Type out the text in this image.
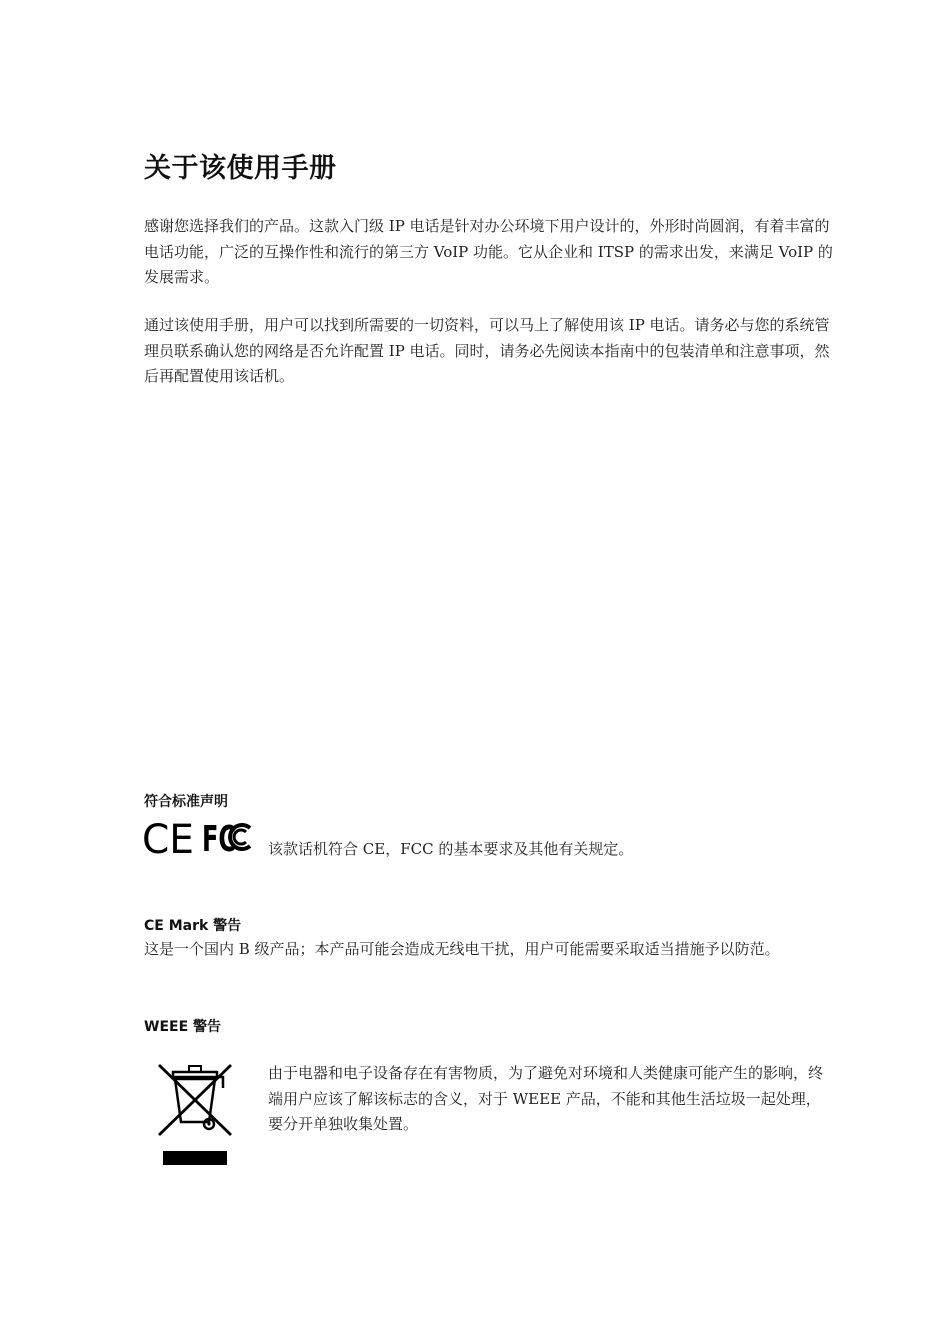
关于该使用手册

感谢您选择我们的产品。这款入门级 IP 电话是针对办公环境下用户设计的，外形时尚圆润，有着丰富的电话功能，广泛的互操作性和流行的第三方 VoIP 功能。它从企业和 ITSP 的需求出发，来满足 VoIP 的发展需求。

通过该使用手册，用户可以找到所需要的一切资料，可以马上了解使用该 IP 电话。请务必与您的系统管理员联系确认您的网络是否允许配置 IP 电话。同时，请务必先阅读本指南中的包装清单和注意事项，然后再配置使用该话机。

符合标准声明
CE FC 该款话机符合 CE，FCC 的基本要求及其他有关规定。
CE Mark 警告
这是一个国内 B 级产品；本产品可能会造成无线电干扰，用户可能需要采取适当措施予以防范。
WEEE 警告

由于电器和电子设备存在有害物质，为了避免对环境和人类健康可能产生的影响，终端用户应该了解该标志的含义，对于 WEEE 产品，不能和其他生活垃圾一起处理，要分开单独收集处置。
